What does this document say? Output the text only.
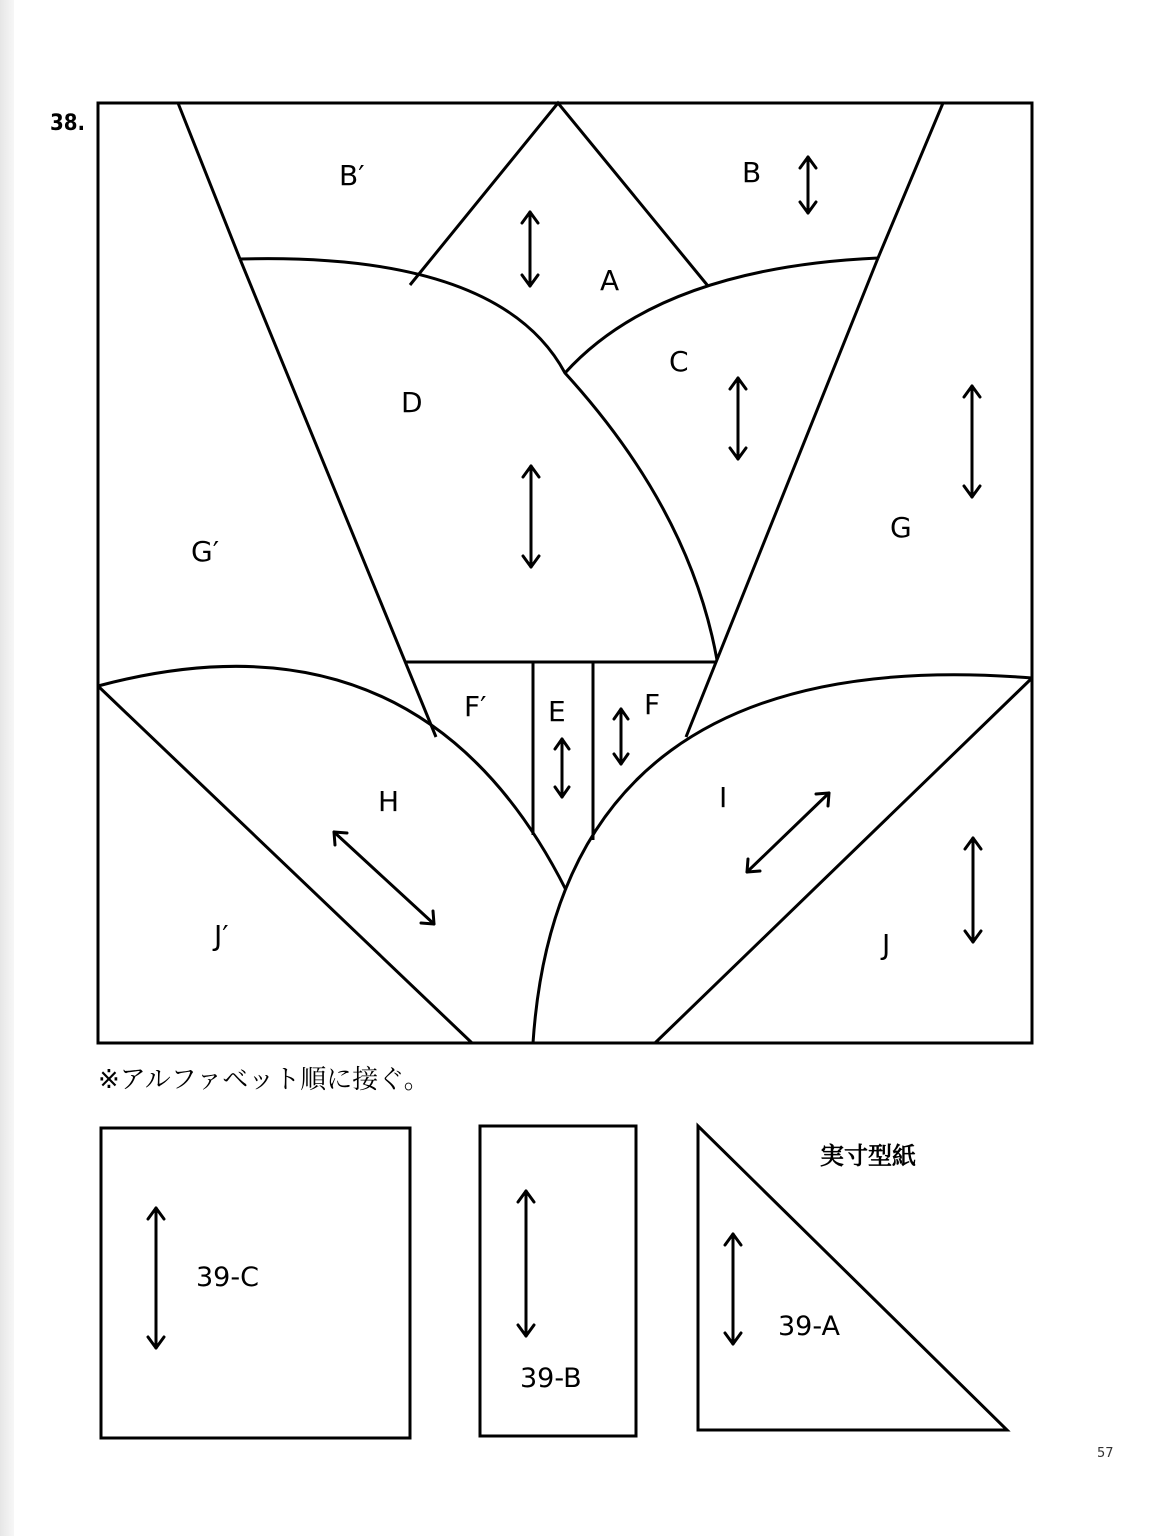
38.
B′	B
A
C
D
G′
G
F′ E	F
H	I
J′	J
※アルファベット順に接ぐ。
実寸型紙
39-C
39-B
39-A
57
